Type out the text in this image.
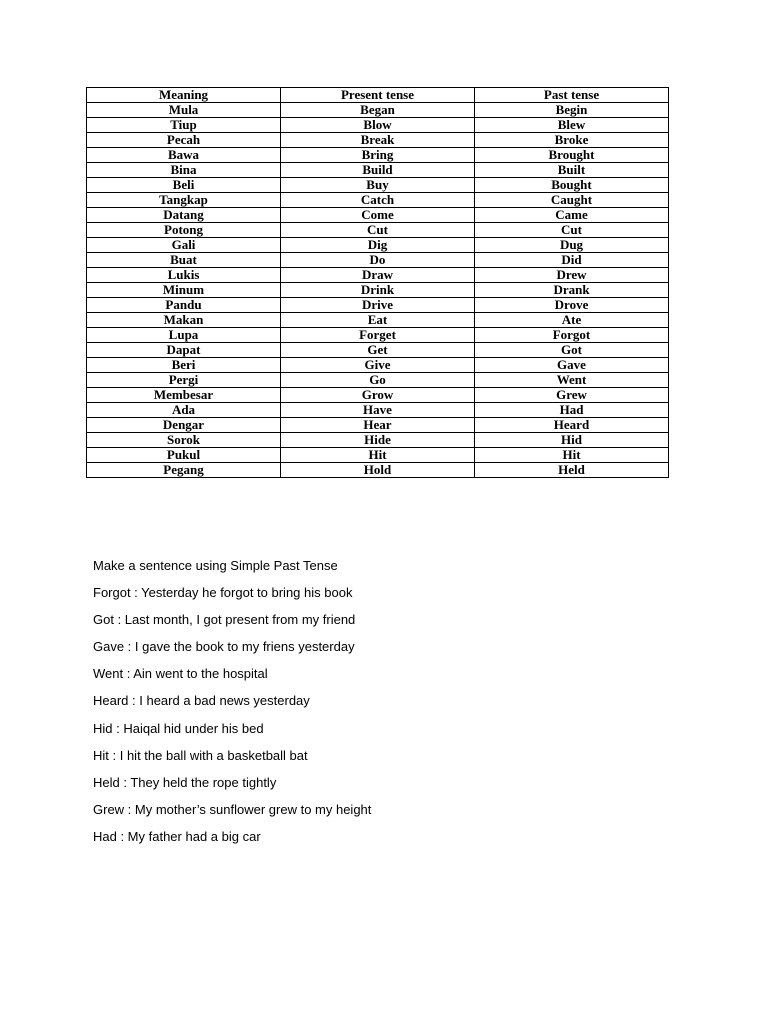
Meaning	Present tense	Past tense
Mula	Began	Begin
Tiup	Blow	Blew
Pecah	Break	Broke
Bawa	Bring	Brought
Bina	Build	Built
Beli	Buy	Bought
Tangkap	Catch	Caught
Datang	Come	Came
Potong	Cut	Cut
Gali	Dig	Dug
Buat	Do	Did
Lukis	Draw	Drew
Minum	Drink	Drank
Pandu	Drive	Drove
Makan	Eat	Ate
Lupa	Forget	Forgot
Dapat	Get	Got
Beri	Give	Gave
Pergi	Go	Went
Membesar	Grow	Grew
Ada	Have	Had
Dengar	Hear	Heard
Sorok	Hide	Hid
Pukul	Hit	Hit
Pegang	Hold	Held
Make a sentence using Simple Past Tense
Forgot : Yesterday he forgot to bring his book
Got : Last month, I got present from my friend
Gave : I gave the book to my friens yesterday
Went : Ain went to the hospital
Heard : I heard a bad news yesterday
Hid : Haiqal hid under his bed
Hit : I hit the ball with a basketball bat
Held : They held the rope tightly
Grew : My mother’s sunflower grew to my height
Had : My father had a big car
